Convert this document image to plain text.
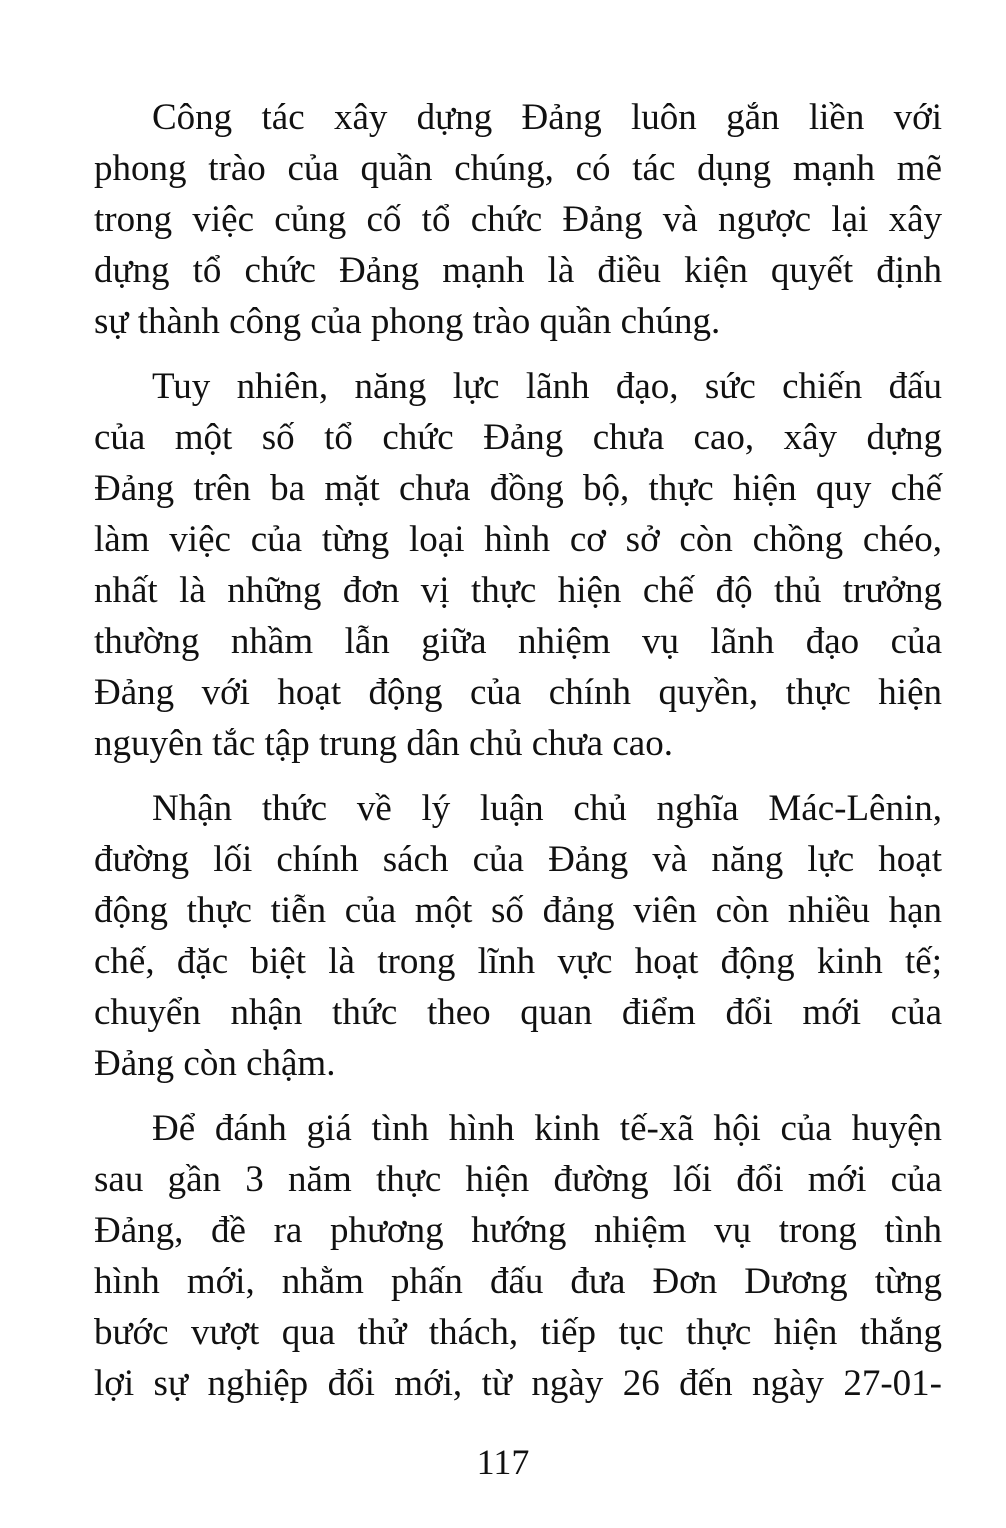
Công tác xây dựng Đảng luôn gắn liền với
phong trào của quần chúng, có tác dụng mạnh mẽ
trong việc củng cố tổ chức Đảng và ngược lại xây
dựng tổ chức Đảng mạnh là điều kiện quyết định
sự thành công của phong trào quần chúng.

Tuy nhiên, năng lực lãnh đạo, sức chiến đấu
của một số tổ chức Đảng chưa cao, xây dựng
Đảng trên ba mặt chưa đồng bộ, thực hiện quy chế
làm việc của từng loại hình cơ sở còn chồng chéo,
nhất là những đơn vị thực hiện chế độ thủ trưởng
thường nhầm lẫn giữa nhiệm vụ lãnh đạo của
Đảng với hoạt động của chính quyền, thực hiện
nguyên tắc tập trung dân chủ chưa cao.

Nhận thức về lý luận chủ nghĩa Mác-Lênin,
đường lối chính sách của Đảng và năng lực hoạt
động thực tiễn của một số đảng viên còn nhiều hạn
chế, đặc biệt là trong lĩnh vực hoạt động kinh tế;
chuyển nhận thức theo quan điểm đổi mới của
Đảng còn chậm.

Để đánh giá tình hình kinh tế-xã hội của huyện
sau gần 3 năm thực hiện đường lối đổi mới của
Đảng, đề ra phương hướng nhiệm vụ trong tình
hình mới, nhằm phấn đấu đưa Đơn Dương từng
bước vượt qua thử thách, tiếp tục thực hiện thắng
lợi sự nghiệp đổi mới, từ ngày 26 đến ngày 27-01-

117
